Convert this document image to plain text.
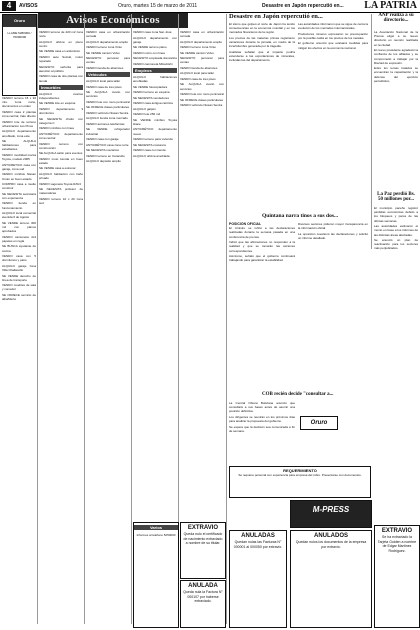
4	AVISOS	Oruro, martes 15 de marzo de 2011	Desastre en Japón repercutió en... LA PATRIA
Avisos Económicos
Oruro
LLAME 5280000 / 70000000

VENDO terreno 15 x 30 mts. zona norte, documentos en orden

VENDO casa 2 plantas zona central, trato directo

VENDO lote de terreno urbanizacion Los Pinos

ALQUILO departamento amoblado, zona este

SE ALQUILA habitaciones para estudiantes

VENDO movilidad marca Toyota, modelo 2005

ANTICRETICO casa con garaje, zona sud

VENDO minibús Nissan Urvan en buen estado

COMPRO casa a medio construir

SE NECESITA secretaria con experiencia

VENDO tienda en funcionamiento

ALQUILO local comercial avenida 6 de Agosto

SE VENDE terreno 300 m2 con planos aprobados

VENDO camioneta 4x4 papeles en regla

SE BUSCA ayudante de cocina

VENDO casa con 5 dormitorios y patio

ALQUILO garaje zona Villa Challacollo

SE VENDE derecho de línea de transporte

VENDO muebles de sala y comedor

SE OFRECE servicio de albañilería

VENDO terreno de 420 m2 zona norte

ALQUILO oficina en pleno centro

SE VENDE casa en anticrético

VENDO auto Suzuki, motor reparado

NECESITO señorita para atención al público

VENDO casa de dos plantas con tienda

Inmuebles

ALQUILO cuartos independientes

SE VENDE lote en esquina

VENDO departamento 3 dormitorios

SE NECESITA chofer con categoría C

VENDO minibús con línea

ANTICRÉTICO departamento zona central

VENDO terreno con construcción

SE ALQUILA salón para eventos

VENDO moto Honda en buen estado

SE VENDE casa a estrenar

ALQUILO habitación con baño privado

VENDO vagoneta Toyota RAV4

SE NECESITA profesor de matemáticas

VENDO terreno 10 x 20 zona sud

VENDO casa en urbanización cerrada

ALQUILO departamento amplio

VENDO terreno zona Vinto

SE VENDE camión Volvo

NECESITO personal para ventas

VENDO tienda de abarrotes

Vehículos

ALQUILO local para taller

VENDO casa de tres pisos

SE ALQUILA cuarto con servicios

VENDO lote con muro perimetral

SE OFRECE clases particulares

VENDO vehículo Nissan Sentra

ALQUILO tienda zona mercado

VENDO acciones telefónicas

SE VENDE refrigerador industrial

VENDO casa con garaje

ANTICRÉTICO casa zona norte

SE NECESITA mecánico

VENDO terreno en Caracollo

ALQUILO depósito amplio

VENDO casa zona San José

ALQUILO departamento con garaje

SE VENDE terreno plano

VENDO micro con línea

NECESITO empleada doméstica

VENDO camioneta Mitsubishi

Empleos

ALQUILO habitaciones amobladas

SE VENDE fotocopiadora

VENDO terreno en esquina

SE NECESITA vendedores

VENDO casa antigua céntrica

ALQUILO galpón

VENDO lote 250 m2

SE VENDE minibús Toyota Hiace

ANTICRÉTICO departamento nuevo

VENDO terreno para vivienda

SE NECESITA costurera

VENDO casa con tienda

ALQUILO oficina amoblada

VENDO casa en urbanización cerrada

ALQUILO departamento amplio

VENDO terreno zona Vinto

SE VENDE camión Volvo

NECESITO personal para ventas

VENDO tienda de abarrotes

ALQUILO local para taller

VENDO casa de tres pisos

SE ALQUILA cuarto con servicios

VENDO lote con muro perimetral

SE OFRECE clases particulares

VENDO vehículo Nissan Sentra

Desastre en Japón repercutió en...

El sismo que golpeó el norte de Japón ha tenido consecuencias en la economía mundial y en los mercados financieros de la región.

Los precios de las materias primas registraron variaciones durante la jornada, en medio de la incertidumbre generada por la tragedia.

Analistas señalan que el impacto podría extenderse a las exportaciones de minerales, incluidas las del departamento.

Las autoridades informaron que se sigue de cerca la evolución de los mercados internacionales.

Productores mineros expresaron su preocupación por la posible caída en los precios de los metales.

El gobierno anunció que evaluará medidas para mitigar los efectos en la economía nacional.

Quintana narra tinos a sus dos...
POSICIÓN OFICIAL

El ministro se refirió a las declaraciones realizadas durante la semana pasada en una conferencia de prensa.

Indicó que las afirmaciones no responden a la realidad y que se tomarán las acciones correspondientes.

Asimismo, señaló que el gobierno continuará trabajando para garantizar la estabilidad.

Diversos sectores pidieron mayor transparencia en la información oficial.

La oposición cuestionó las declaraciones y solicitó un informe detallado.

COB recién decide "consultar a...

La Central Obrera Boliviana anunció que consultará a sus bases antes de asumir una posición definitiva.

Los dirigentes se reunirán en los próximos días para analizar la propuesta del gobierno.

Se espera que la decisión sea comunicada a fin de semana.

Oruro
ANP realiza a su directorio...

La Asociación Nacional de la Prensa eligió a su nuevo directorio en reunión realizada en la ciudad.

El nuevo presidente agradeció la confianza de los afiliados y se comprometió a trabajar por la libertad de expresión.

Entre los temas tratados se encuentran la capacitación y la defensa del ejercicio periodístico.

La Paz perdió Bs. 50 millones por...

El municipio paceño registró pérdidas económicas debido a los bloqueos y paros de las últimas semanas.

Las autoridades estimaron el monto en base a los informes de las distintas áreas afectadas.

Se anunció un plan de reactivación para los sectores más perjudicados.

REQUERIMIENTO
Se requiere personal con experiencia para empresa del rubro. Presentarse con documentos.
M-PRESS
EXTRAVIO
Queda nulo el certificado de nacimiento extraviado a nombre de su titular.
ANULADA
Queda nula la Factura N° 000107 por haberse extraviado.
ANULADAS
Quedan nulas las Facturas N° 000001 al 000050 por extravío.
ANULADOS
Quedan nulos los documentos de la empresa por extravío.
EXTRAVIO
Se ha extraviado la Tarjeta Golden a nombre de Edgar Martínez Rodríguez.
Varios
Informes al teléfono 5250000
